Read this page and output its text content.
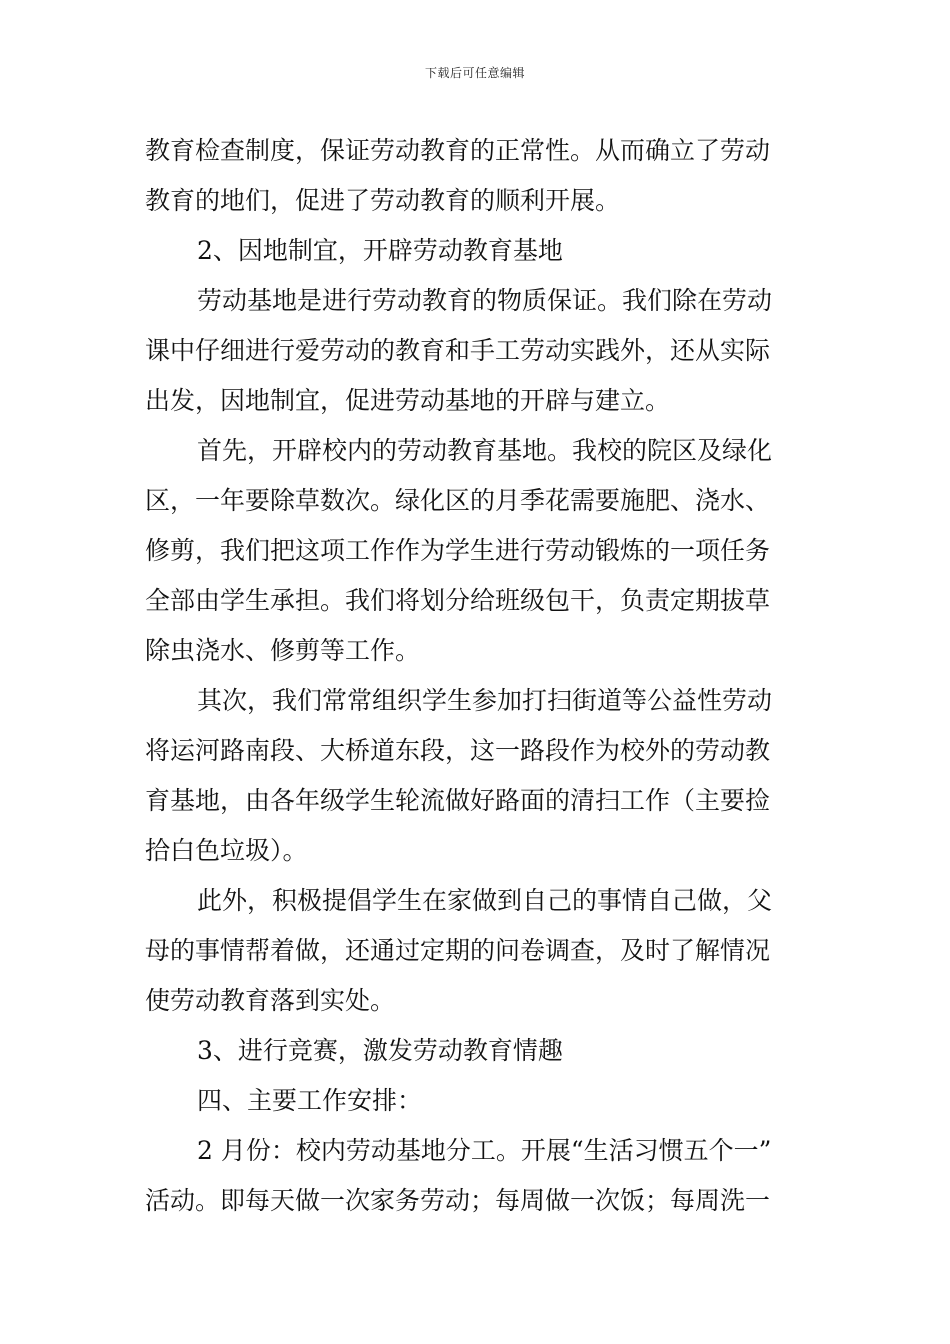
下载后可任意编辑
教育检查制度，保证劳动教育的正常性。从而确立了劳动
教育的地们，促进了劳动教育的顺利开展。
2、因地制宜，开辟劳动教育基地
劳动基地是进行劳动教育的物质保证。我们除在劳动
课中仔细进行爱劳动的教育和手工劳动实践外，还从实际
出发，因地制宜，促进劳动基地的开辟与建立。
首先，开辟校内的劳动教育基地。我校的院区及绿化
区，一年要除草数次。绿化区的月季花需要施肥、浇水、
修剪，我们把这项工作作为学生进行劳动锻炼的一项任务
全部由学生承担。我们将划分给班级包干，负责定期拔草
除虫浇水、修剪等工作。
其次，我们常常组织学生参加打扫街道等公益性劳动
将运河路南段、大桥道东段，这一路段作为校外的劳动教
育基地，由各年级学生轮流做好路面的清扫工作（主要捡
拾白色垃圾）。
此外，积极提倡学生在家做到自己的事情自己做，父
母的事情帮着做，还通过定期的问卷调查，及时了解情况
使劳动教育落到实处。
3、进行竞赛，激发劳动教育情趣
四、主要工作安排：
2 月份：校内劳动基地分工。开展“生活习惯五个一”
活动。即每天做一次家务劳动；每周做一次饭；每周洗一
